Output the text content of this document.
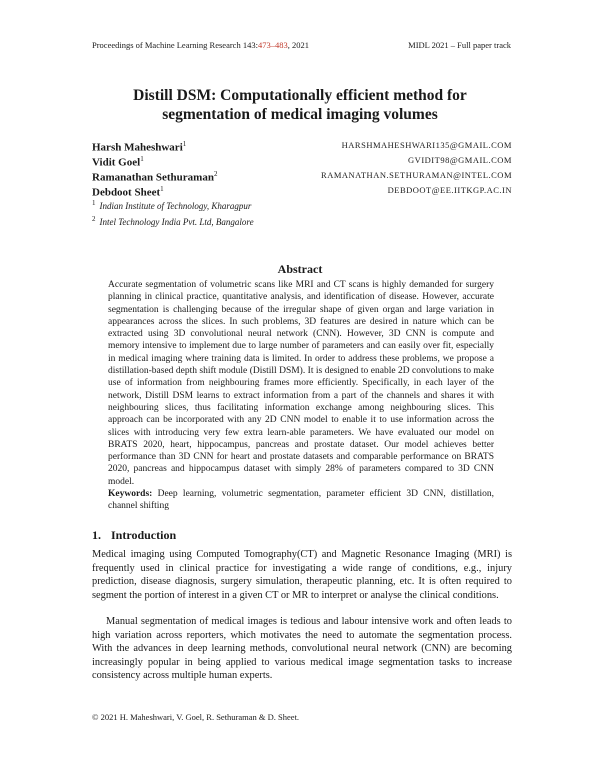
Proceedings of Machine Learning Research 143:473–483, 2021	MIDL 2021 – Full paper track
Distill DSM: Computationally efficient method for
segmentation of medical imaging volumes
Harsh Maheshwari$^1$	HARSHMAHESHWARI135@GMAIL.COM
Vidit Goel$^1$	GVIDIT98@GMAIL.COM
Ramanathan Sethuraman$^2$	RAMANATHAN.SETHURAMAN@INTEL.COM
Debdoot Sheet$^1$	DEBDOOT@EE.IITKGP.AC.IN
$^1$ Indian Institute of Technology, Kharagpur
$^2$ Intel Technology India Pvt. Ltd, Bangalore
Abstract
Accurate segmentation of volumetric scans like MRI and CT scans is highly demanded for surgery planning in clinical practice, quantitative analysis, and identification of disease. However, accurate segmentation is challenging because of the irregular shape of given organ and large variation in appearances across the slices. In such problems, 3D features are desired in nature which can be extracted using 3D convolutional neural network (CNN). However, 3D CNN is compute and memory intensive to implement due to large number of parameters and can easily over fit, especially in medical imaging where training data is limited. In order to address these problems, we propose a distillation-based depth shift module (Distill DSM). It is designed to enable 2D convolutions to make use of information from neighbouring frames more efficiently. Specifically, in each layer of the network, Distill DSM learns to extract information from a part of the channels and shares it with neighbouring slices, thus facilitating information exchange among neighbouring slices. This approach can be incorporated with any 2D CNN model to enable it to use information across the slices with introducing very few extra learn-able parameters. We have evaluated our model on BRATS 2020, heart, hippocampus, pancreas and prostate dataset. Our model achieves better performance than 3D CNN for heart and prostate datasets and comparable performance on BRATS 2020, pancreas and hippocampus dataset with simply 28% of parameters compared to 3D CNN model.
Keywords: Deep learning, volumetric segmentation, parameter efficient 3D CNN, distillation, channel shifting
1. Introduction
Medical imaging using Computed Tomography(CT) and Magnetic Resonance Imaging (MRI) is frequently used in clinical practice for investigating a wide range of conditions, e.g., injury prediction, disease diagnosis, surgery simulation, therapeutic planning, etc. It is often required to segment the portion of interest in a given CT or MR to interpret or analyse the clinical conditions.
Manual segmentation of medical images is tedious and labour intensive work and often leads to high variation across reporters, which motivates the need to automate the segmentation process. With the advances in deep learning methods, convolutional neural network (CNN) are becoming increasingly popular in being applied to various medical image segmentation tasks to increase consistency across multiple human experts.
© 2021 H. Maheshwari, V. Goel, R. Sethuraman & D. Sheet.
